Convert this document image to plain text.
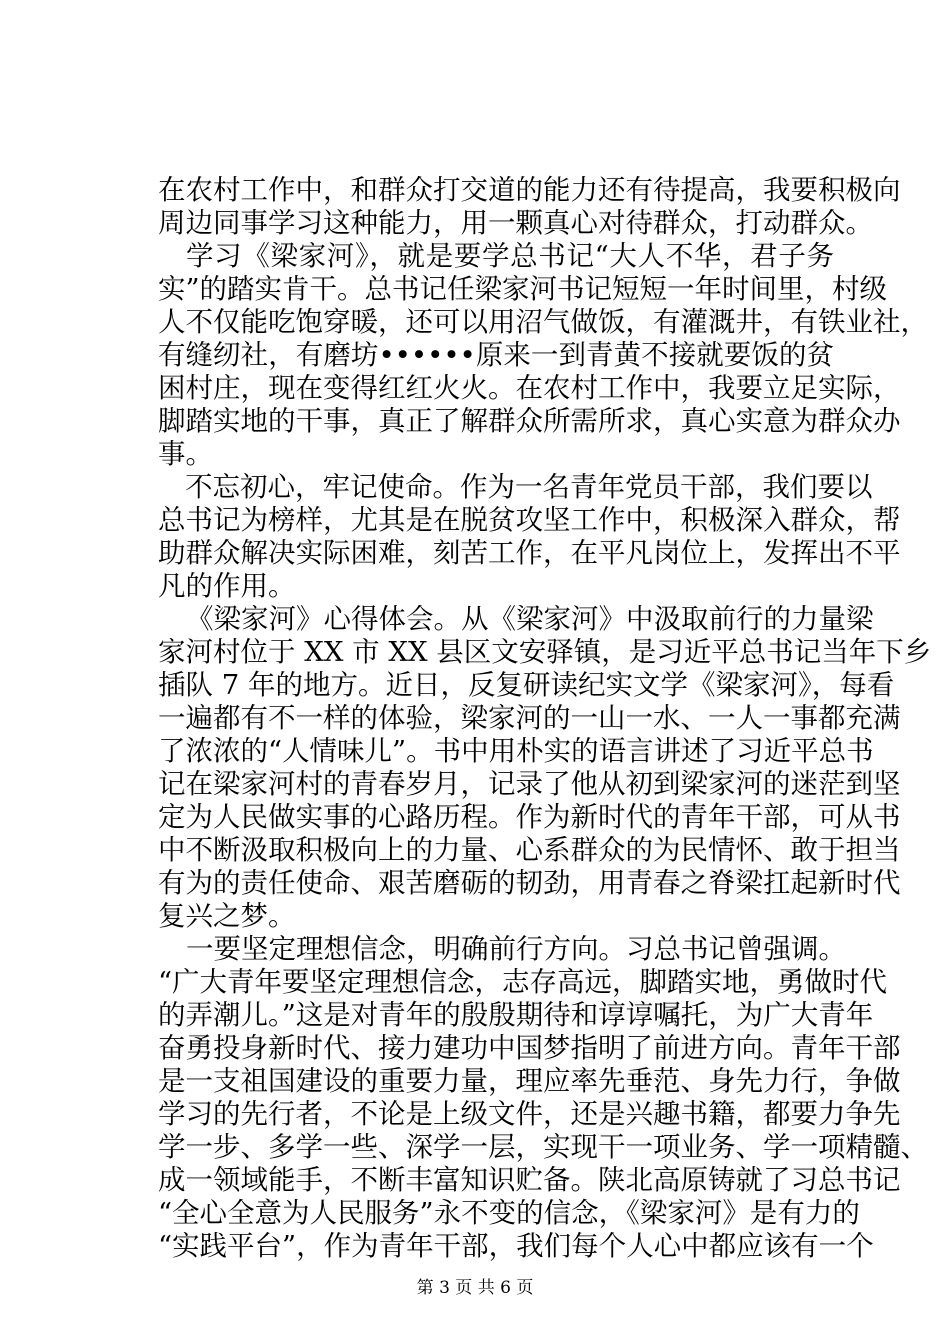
在农村工作中，和群众打交道的能力还有待提高，我要积极向
周边同事学习这种能力，用一颗真心对待群众，打动群众。
学习《梁家河》，就是要学总书记“大人不华，君子务
实”的踏实肯干。总书记任梁家河书记短短一年时间里，村级
人不仅能吃饱穿暖，还可以用沼气做饭，有灌溉井，有铁业社，
有缝纫社，有磨坊••••••原来一到青黄不接就要饭的贫
困村庄，现在变得红红火火。在农村工作中，我要立足实际，
脚踏实地的干事，真正了解群众所需所求，真心实意为群众办
事。
不忘初心，牢记使命。作为一名青年党员干部，我们要以
总书记为榜样，尤其是在脱贫攻坚工作中，积极深入群众，帮
助群众解决实际困难，刻苦工作，在平凡岗位上，发挥出不平
凡的作用。
《梁家河》心得体会。从《梁家河》中汲取前行的力量梁
家河村位于 XX 市 XX 县区文安驿镇，是习近平总书记当年下乡
插队 7 年的地方。近日，反复研读纪实文学《梁家河》，每看
一遍都有不一样的体验，梁家河的一山一水、一人一事都充满
了浓浓的“人情味儿”。书中用朴实的语言讲述了习近平总书
记在梁家河村的青春岁月，记录了他从初到梁家河的迷茫到坚
定为人民做实事的心路历程。作为新时代的青年干部，可从书
中不断汲取积极向上的力量、心系群众的为民情怀、敢于担当
有为的责任使命、艰苦磨砺的韧劲，用青春之脊梁扛起新时代
复兴之梦。
一要坚定理想信念，明确前行方向。习总书记曾强调。
“广大青年要坚定理想信念，志存高远，脚踏实地，勇做时代
的弄潮儿。”这是对青年的殷殷期待和谆谆嘱托，为广大青年
奋勇投身新时代、接力建功中国梦指明了前进方向。青年干部
是一支祖国建设的重要力量，理应率先垂范、身先力行，争做
学习的先行者，不论是上级文件，还是兴趣书籍，都要力争先
学一步、多学一些、深学一层，实现干一项业务、学一项精髓、
成一领域能手，不断丰富知识贮备。陕北高原铸就了习总书记
“全心全意为人民服务”永不变的信念，《梁家河》是有力的
“实践平台”，作为青年干部，我们每个人心中都应该有一个
第 3 页 共 6 页
